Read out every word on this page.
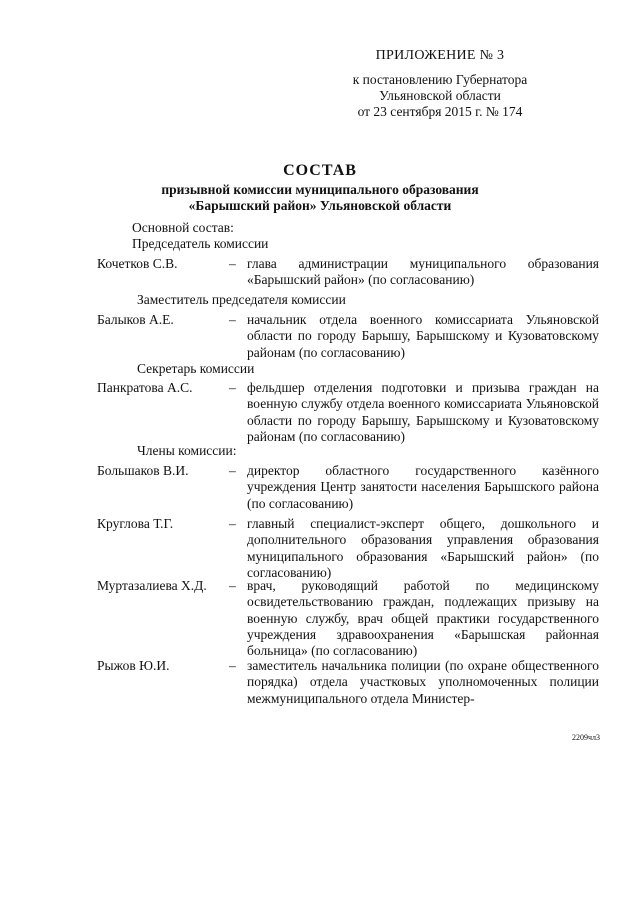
ПРИЛОЖЕНИЕ № 3
к постановлению Губернатора
Ульяновской области
от 23 сентября 2015 г. № 174
СОСТАВ
призывной комиссии муниципального образования
«Барышский район» Ульяновской области
Основной состав:
Председатель комиссии
Кочетков С.В.	– глава администрации муниципального образования «Барышский район» (по согласованию)
Заместитель председателя комиссии
Балыков А.Е.	– начальник отдела военного комиссариата Ульяновской области по городу Барышу, Барышскому и Кузоватовскому районам (по согласованию)
Секретарь комиссии
Панкратова А.С.	– фельдшер отделения подготовки и призыва граждан на военную службу отдела военного комиссариата Ульяновской области по городу Барышу, Барышскому и Кузоватовскому районам (по согласованию)
Члены комиссии:
Большаков В.И.	– директор областного государственного казённого учреждения Центр занятости населения Барышского района (по согласованию)
Круглова Т.Г.	– главный специалист-эксперт общего, дошкольного и дополнительного образования управления образования муниципального образования «Барышский район» (по согласованию)
Муртазалиева Х.Д. – врач, руководящий работой по медицинскому освидетельствованию граждан, подлежащих призыву на военную службу, врач общей практики государственного учреждения здравоохранения «Барышская районная больница» (по согласованию)
Рыжов Ю.И.	– заместитель начальника полиции (по охране общественного порядка) отдела участковых уполномоченных полиции межмуниципального отдела Министер-
2209чл3
